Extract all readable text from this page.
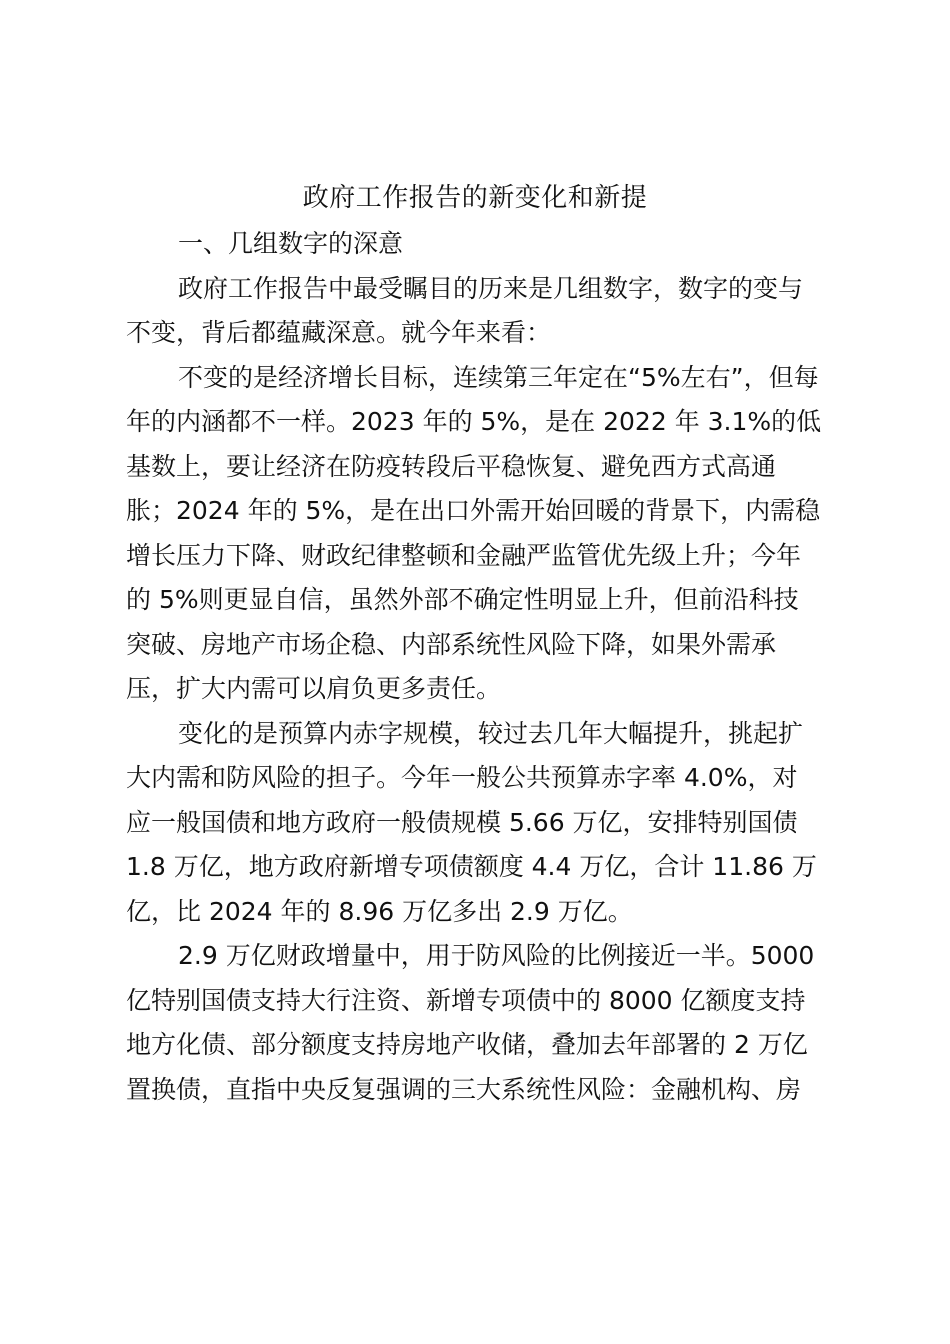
政府工作报告的新变化和新提
一、几组数字的深意
政府工作报告中最受瞩目的历来是几组数字，数字的变与
不变，背后都蕴藏深意。就今年来看：
不变的是经济增长目标，连续第三年定在“5%左右”，但每
年的内涵都不一样。2023 年的 5%，是在 2022 年 3.1%的低
基数上，要让经济在防疫转段后平稳恢复、避免西方式高通
胀；2024 年的 5%，是在出口外需开始回暖的背景下，内需稳
增长压力下降、财政纪律整顿和金融严监管优先级上升；今年
的 5%则更显自信，虽然外部不确定性明显上升，但前沿科技
突破、房地产市场企稳、内部系统性风险下降，如果外需承
压，扩大内需可以肩负更多责任。
变化的是预算内赤字规模，较过去几年大幅提升，挑起扩
大内需和防风险的担子。今年一般公共预算赤字率 4.0%，对
应一般国债和地方政府一般债规模 5.66 万亿，安排特别国债
1.8 万亿，地方政府新增专项债额度 4.4 万亿，合计 11.86 万
亿，比 2024 年的 8.96 万亿多出 2.9 万亿。
2.9 万亿财政增量中，用于防风险的比例接近一半。5000
亿特别国债支持大行注资、新增专项债中的 8000 亿额度支持
地方化债、部分额度支持房地产收储，叠加去年部署的 2 万亿
置换债，直指中央反复强调的三大系统性风险：金融机构、房
